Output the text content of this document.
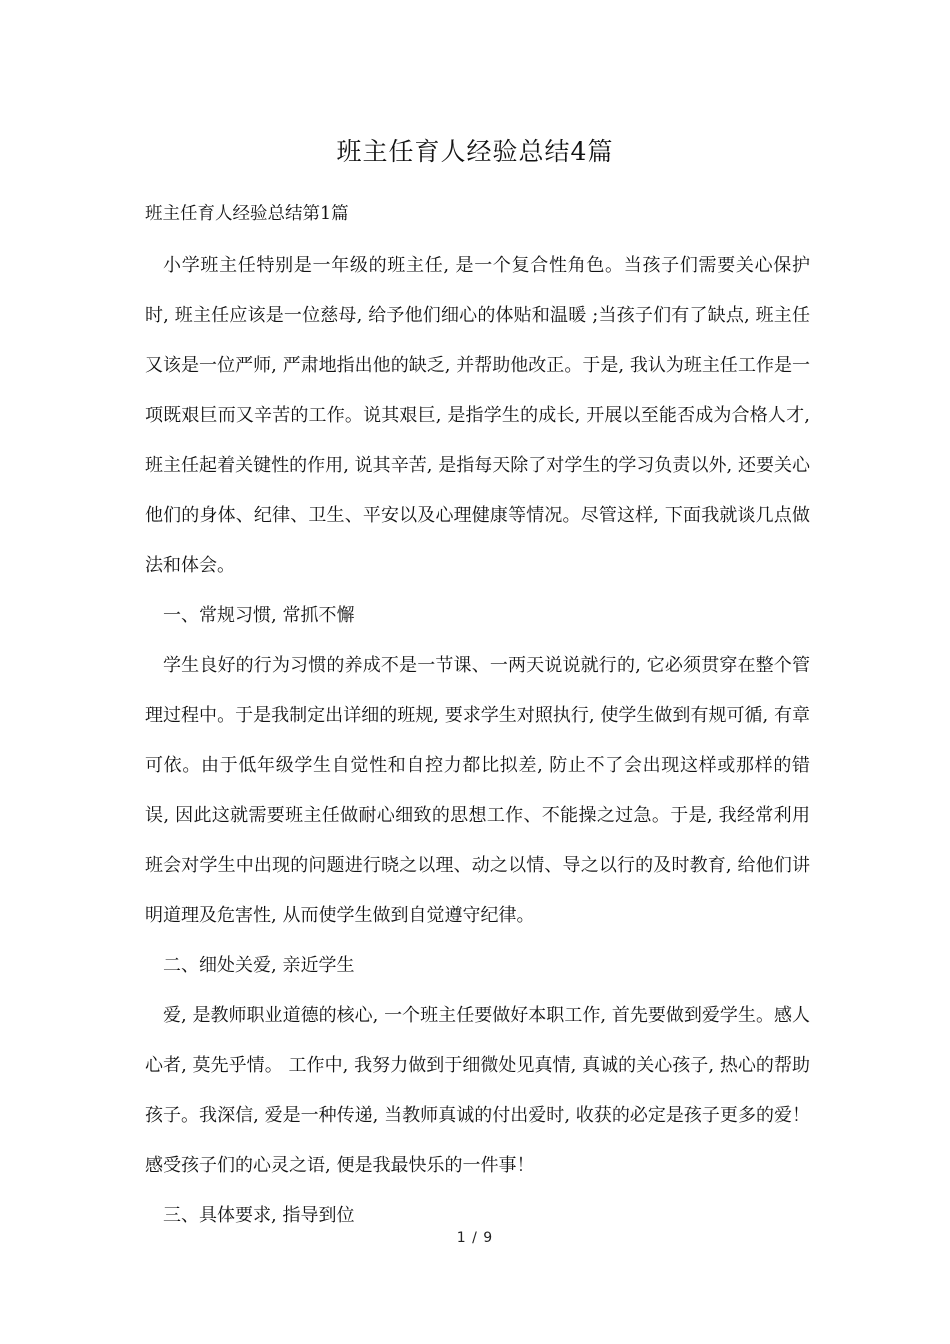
班主任育人经验总结4篇

班主任育人经验总结第1篇

小学班主任特别是一年级的班主任, 是一个复合性角色。当孩子们需要关心保护时, 班主任应该是一位慈母, 给予他们细心的体贴和温暖 ;当孩子们有了缺点, 班主任又该是一位严师, 严肃地指出他的缺乏, 并帮助他改正。于是, 我认为班主任工作是一项既艰巨而又辛苦的工作。说其艰巨, 是指学生的成长, 开展以至能否成为合格人才, 班主任起着关键性的作用, 说其辛苦, 是指每天除了对学生的学习负责以外, 还要关心他们的身体、纪律、卫生、平安以及心理健康等情况。尽管这样, 下面我就谈几点做法和体会。

一、常规习惯, 常抓不懈

学生良好的行为习惯的养成不是一节课、一两天说说就行的, 它必须贯穿在整个管理过程中。于是我制定出详细的班规, 要求学生对照执行, 使学生做到有规可循, 有章可依。由于低年级学生自觉性和自控力都比拟差, 防止不了会出现这样或那样的错误, 因此这就需要班主任做耐心细致的思想工作、不能操之过急。于是, 我经常利用班会对学生中出现的问题进行晓之以理、动之以情、导之以行的及时教育, 给他们讲明道理及危害性, 从而使学生做到自觉遵守纪律。

二、细处关爱, 亲近学生

爱, 是教师职业道德的核心, 一个班主任要做好本职工作, 首先要做到爱学生。感人心者, 莫先乎情。 工作中, 我努力做到于细微处见真情, 真诚的关心孩子, 热心的帮助孩子。我深信, 爱是一种传递, 当教师真诚的付出爱时, 收获的必定是孩子更多的爱！感受孩子们的心灵之语, 便是我最快乐的一件事！

三、具体要求, 指导到位

1 / 9
